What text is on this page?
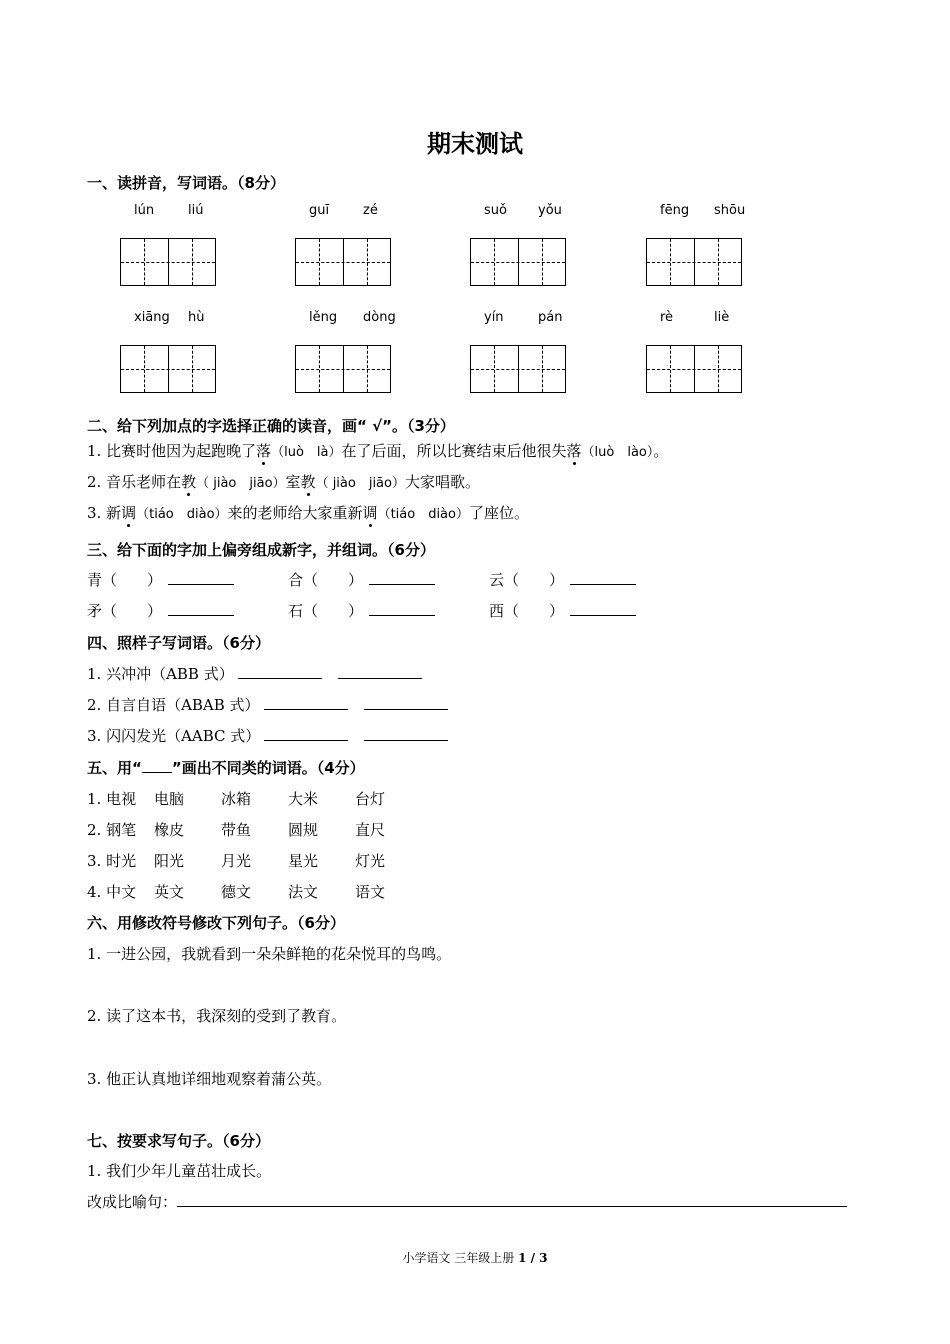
期末测试
一、读拼音，写词语。（8分）
lún	liú	guī	zé	suǒ yǒu	fēng shōu
xiāng hù	lěng dòng	yín	pán	rè	liè
二、给下列加点的字选择正确的读音，画“ √”。（3分）
1. 比赛时他因为起跑晚了落（luò　là）在了后面，所以比赛结束后他很失落（luò　lào）。
2. 音乐老师在教（ jiào　jiāo）室教（ jiào　jiāo）大家唱歌。
3. 新调（tiáo　diào）来的老师给大家重新调（tiáo　diào）了座位。
三、给下面的字加上偏旁组成新字，并组词。（6分）
青（　　）	合（　　）	云（　　）
矛（　　）	石（　　）	西（　　）
四、照样子写词语。（6分）
1. 兴冲冲（ABB 式）
2. 自言自语（ABAB 式）
3. 闪闪发光（AABC 式）
五、用“ ”画出不同类的词语。（4分）
1. 电视 电脑 冰箱 大米 台灯
2. 钢笔 橡皮 带鱼 圆规 直尺
3. 时光 阳光 月光 星光 灯光
4. 中文 英文 德文 法文 语文
六、用修改符号修改下列句子。（6分）
1. 一进公园，我就看到一朵朵鲜艳的花朵悦耳的鸟鸣。
2. 读了这本书，我深刻的受到了教育。
3. 他正认真地详细地观察着蒲公英。
七、按要求写句子。（6分）
1. 我们少年儿童茁壮成长。
改成比喻句：
小学语文 三年级上册 1 / 3
